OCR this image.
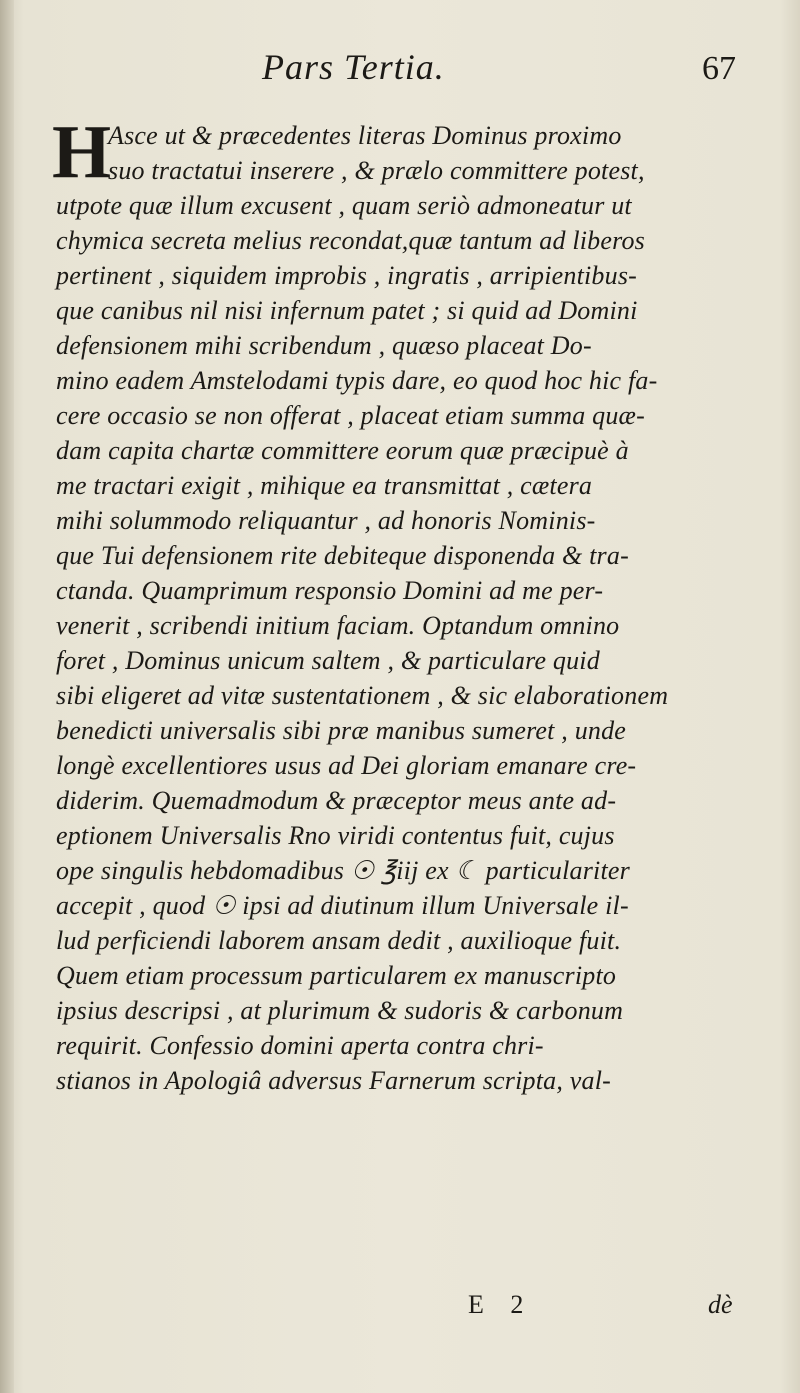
Pars Tertia.	67
H
Asce ut & præcedentes literas Dominus proximo
suo tractatui inserere , & prælo committere potest,
utpote quæ illum excusent , quam seriò admoneatur ut
chymica secreta melius recondat,quæ tantum ad liberos
pertinent , siquidem improbis , ingratis , arripientibus-
que canibus nil nisi infernum patet ; si quid ad Domini
defensionem mihi scribendum , quæso placeat Do-
mino eadem Amstelodami typis dare, eo quod hoc hic fa-
cere occasio se non offerat , placeat etiam summa quæ-
dam capita chartæ committere eorum quæ præcipuè à
me tractari exigit , mihique ea transmittat , cætera
mihi solummodo reliquantur , ad honoris Nominis-
que Tui defensionem rite debiteque disponenda & tra-
ctanda. Quamprimum responsio Domini ad me per-
venerit , scribendi initium faciam. Optandum omnino
foret , Dominus unicum saltem , & particulare quid
sibi eligeret ad vitæ sustentationem , & sic elaborationem
benedicti universalis sibi præ manibus sumeret , unde
longè excellentiores usus ad Dei gloriam emanare cre-
diderim. Quemadmodum & præceptor meus ante ad-
eptionem Universalis Rno viridi contentus fuit, cujus
ope singulis hebdomadibus ☉ ℥iij ex ☾ particulariter
accepit , quod ☉ ipsi ad diutinum illum Universale il-
lud perficiendi laborem ansam dedit , auxilioque fuit.
Quem etiam processum particularem ex manuscripto
ipsius descripsi , at plurimum & sudoris & carbonum
requirit. Confessio domini aperta contra chri-
stianos in Apologiâ adversus Farnerum scripta, val-
E 2	dè
